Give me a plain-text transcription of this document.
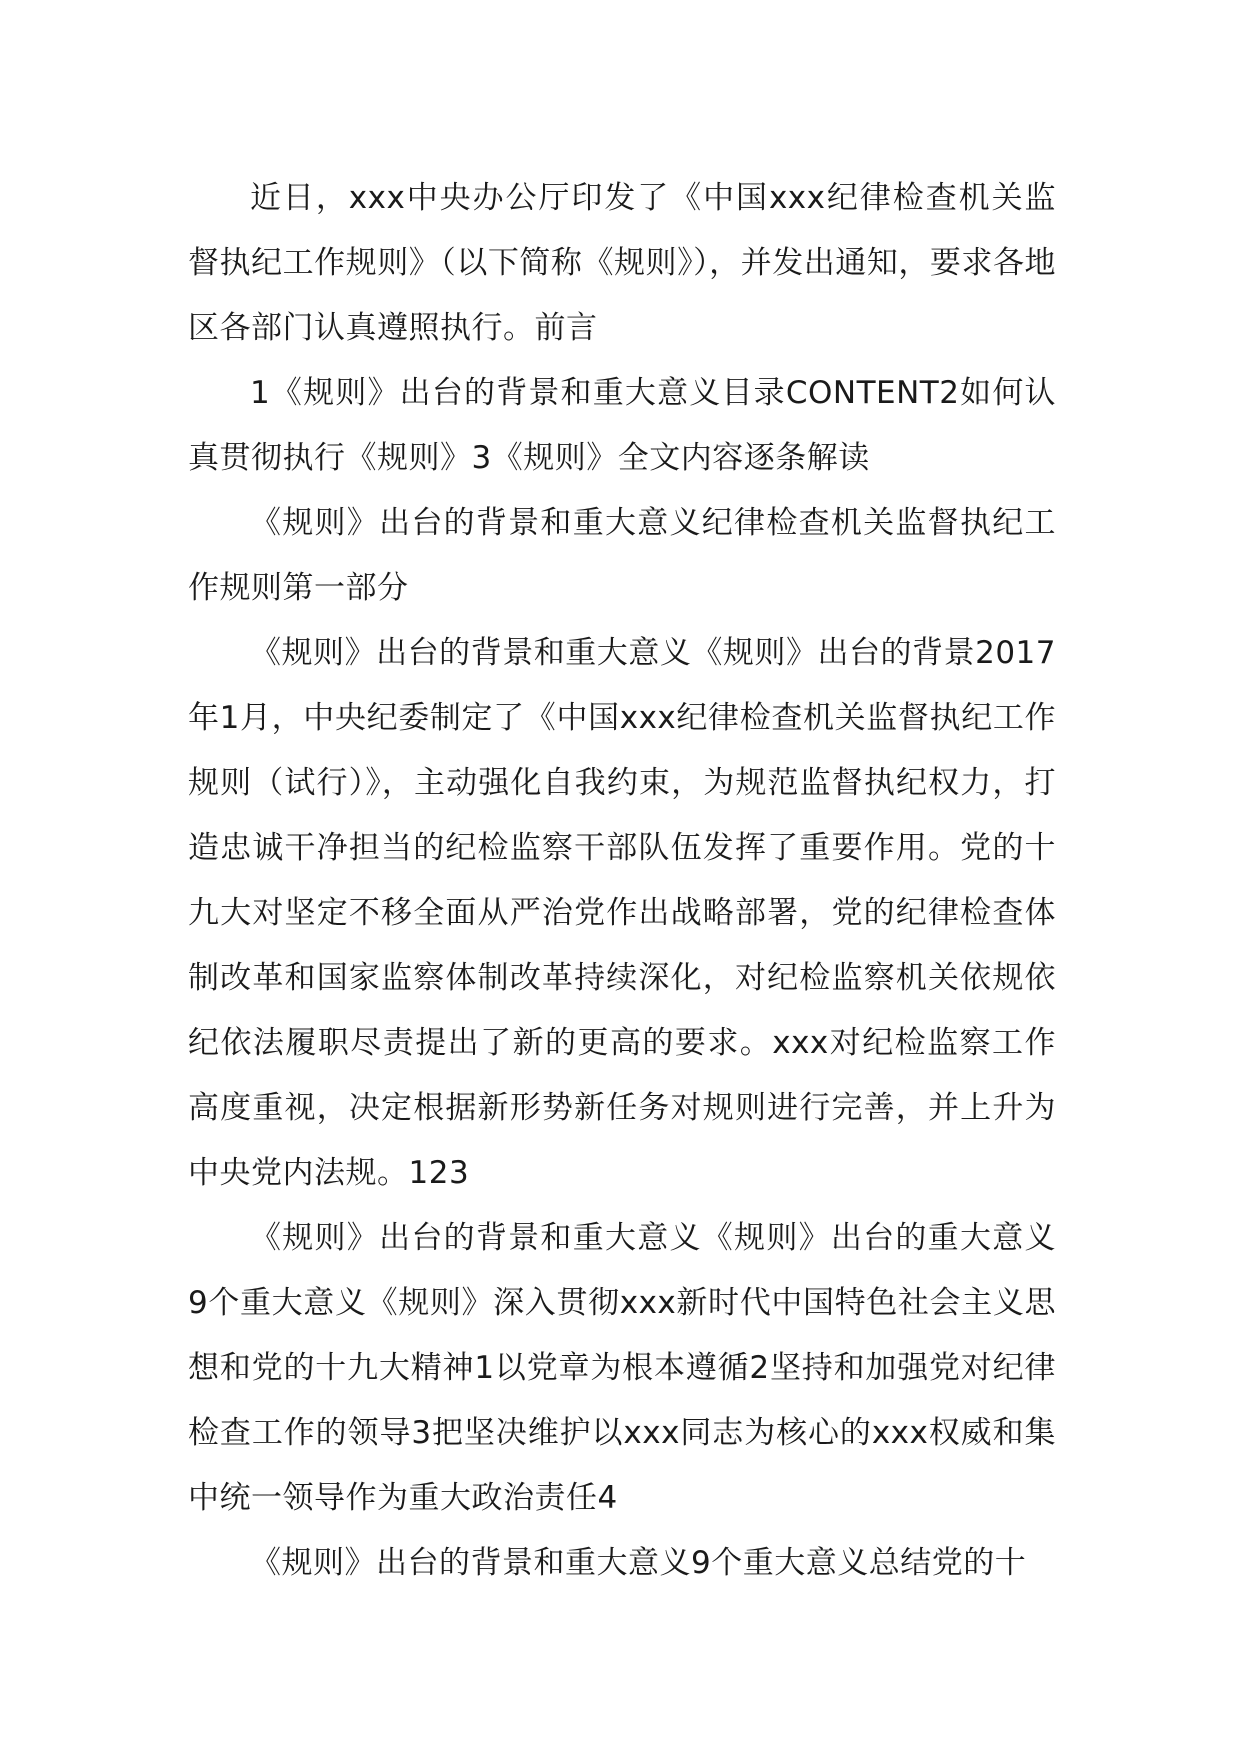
近日，xxx中央办公厅印发了《中国xxx纪律检查机关监督执纪工作规则》（以下简称《规则》），并发出通知，要求各地区各部门认真遵照执行。前言

1《规则》出台的背景和重大意义目录CONTENT2如何认真贯彻执行《规则》3《规则》全文内容逐条解读

《规则》出台的背景和重大意义纪律检查机关监督执纪工作规则第一部分

《规则》出台的背景和重大意义《规则》出台的背景2017年1月，中央纪委制定了《中国xxx纪律检查机关监督执纪工作规则（试行）》，主动强化自我约束，为规范监督执纪权力，打造忠诚干净担当的纪检监察干部队伍发挥了重要作用。党的十九大对坚定不移全面从严治党作出战略部署，党的纪律检查体制改革和国家监察体制改革持续深化，对纪检监察机关依规依纪依法履职尽责提出了新的更高的要求。xxx对纪检监察工作高度重视，决定根据新形势新任务对规则进行完善，并上升为中央党内法规。123

《规则》出台的背景和重大意义《规则》出台的重大意义9个重大意义《规则》深入贯彻xxx新时代中国特色社会主义思想和党的十九大精神1以党章为根本遵循2坚持和加强党对纪律检查工作的领导3把坚决维护以xxx同志为核心的xxx权威和集中统一领导作为重大政治责任4

《规则》出台的背景和重大意义9个重大意义总结党的十
